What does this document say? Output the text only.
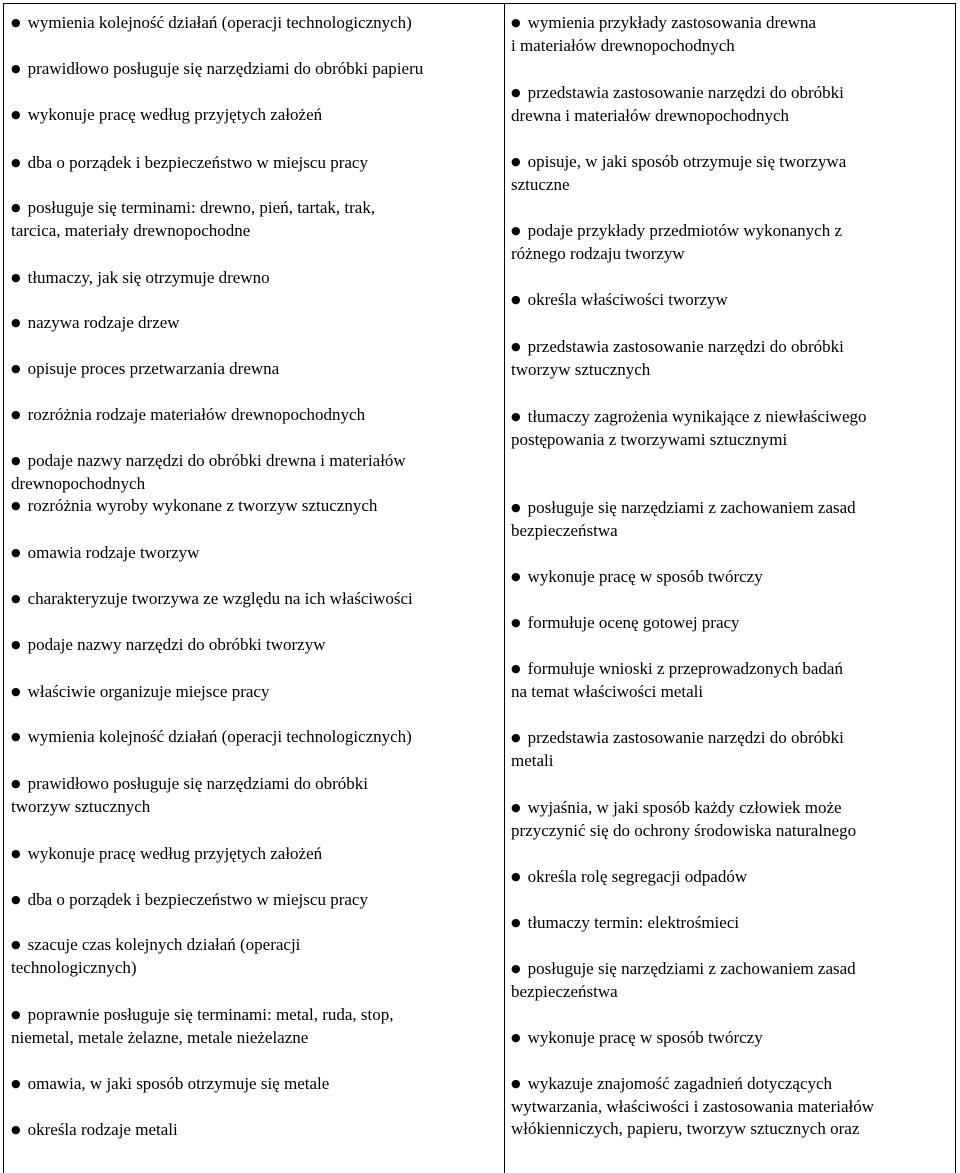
● wymienia kolejność działań (operacji technologicznych)
● prawidłowo posługuje się narzędziami do obróbki papieru
● wykonuje pracę według przyjętych założeń
● dba o porządek i bezpieczeństwo w miejscu pracy
● posługuje się terminami: drewno, pień, tartak, trak,
tarcica, materiały drewnopochodne
● tłumaczy, jak się otrzymuje drewno
● nazywa rodzaje drzew
● opisuje proces przetwarzania drewna
● rozróżnia rodzaje materiałów drewnopochodnych
● podaje nazwy narzędzi do obróbki drewna i materiałów
drewnopochodnych
● rozróżnia wyroby wykonane z tworzyw sztucznych
● omawia rodzaje tworzyw
● charakteryzuje tworzywa ze względu na ich właściwości
● podaje nazwy narzędzi do obróbki tworzyw
● właściwie organizuje miejsce pracy
● wymienia kolejność działań (operacji technologicznych)
● prawidłowo posługuje się narzędziami do obróbki
tworzyw sztucznych
● wykonuje pracę według przyjętych założeń
● dba o porządek i bezpieczeństwo w miejscu pracy
● szacuje czas kolejnych działań (operacji
technologicznych)
● poprawnie posługuje się terminami: metal, ruda, stop,
niemetal, metale żelazne, metale nieżelazne
● omawia, w jaki sposób otrzymuje się metale
● określa rodzaje metali
● wymienia przykłady zastosowania drewna
i materiałów drewnopochodnych
● przedstawia zastosowanie narzędzi do obróbki
drewna i materiałów drewnopochodnych
● opisuje, w jaki sposób otrzymuje się tworzywa
sztuczne
● podaje przykłady przedmiotów wykonanych z
różnego rodzaju tworzyw
● określa właściwości tworzyw
● przedstawia zastosowanie narzędzi do obróbki
tworzyw sztucznych
● tłumaczy zagrożenia wynikające z niewłaściwego
postępowania z tworzywami sztucznymi
● posługuje się narzędziami z zachowaniem zasad
bezpieczeństwa
● wykonuje pracę w sposób twórczy
● formułuje ocenę gotowej pracy
● formułuje wnioski z przeprowadzonych badań
na temat właściwości metali
● przedstawia zastosowanie narzędzi do obróbki
metali
● wyjaśnia, w jaki sposób każdy człowiek może
przyczynić się do ochrony środowiska naturalnego
● określa rolę segregacji odpadów
● tłumaczy termin: elektrośmieci
● posługuje się narzędziami z zachowaniem zasad
bezpieczeństwa
● wykonuje pracę w sposób twórczy
● wykazuje znajomość zagadnień dotyczących
wytwarzania, właściwości i zastosowania materiałów
włókienniczych, papieru, tworzyw sztucznych oraz
